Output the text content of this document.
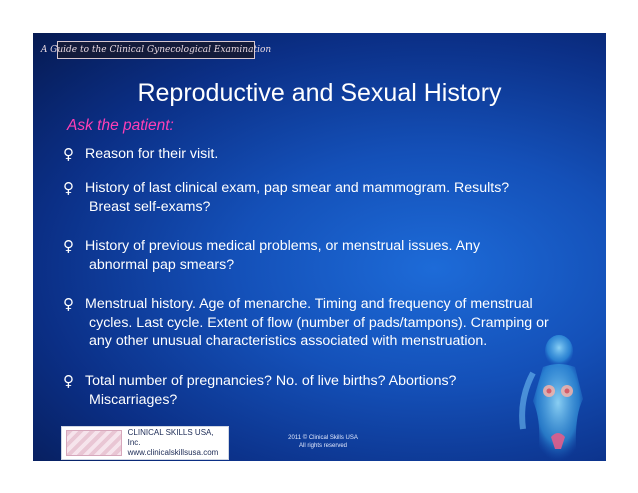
A Guide to the Clinical Gynecological Examination
Reproductive and Sexual History
Ask the patient:
♀ Reason for their visit.
♀ History of last clinical exam, pap smear and mammogram. Results?
Breast self-exams?
♀ History of previous medical problems, or menstrual issues. Any
abnormal pap smears?
♀ Menstrual history. Age of menarche. Timing and frequency of menstrual
cycles. Last cycle. Extent of flow (number of pads/tampons). Cramping or
any other unusual characteristics associated with menstruation.
♀ Total number of pregnancies? No. of live births? Abortions?
Miscarriages?
CLINICAL SKILLS USA, Inc.
www.clinicalskillsusa.com
2011 © Clinical Skills USA
All rights reserved
